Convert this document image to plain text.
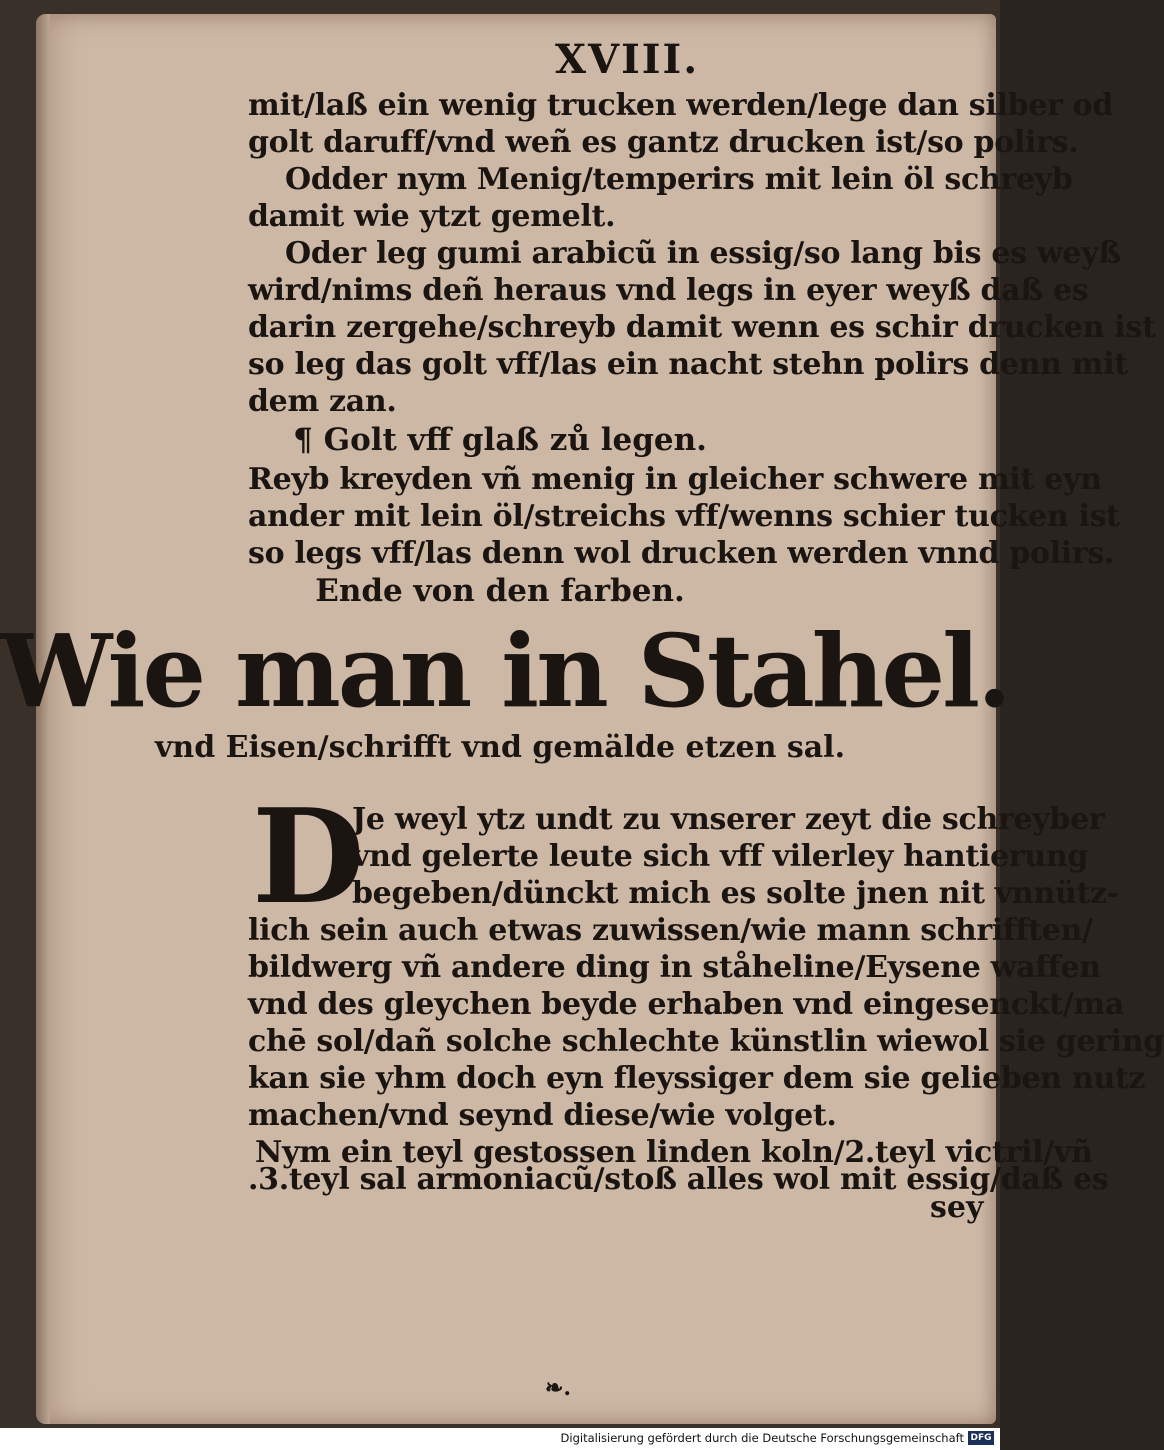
XVIII.
mit/laß ein wenig trucken werden/lege dan silber od
golt daruff/vnd weñ es gantz drucken ist/so polirs.
Odder nym Menig/temperirs mit lein öl schreyb
damit wie ytzt gemelt.
Oder leg gumi arabicũ in essig/so lang bis es weyß
wird/nims deñ heraus vnd legs in eyer weyß daß es
darin zergehe/schreyb damit wenn es schir drucken ist
so leg das golt vff/las ein nacht stehn polirs denn mit
dem zan.
¶ Golt vff glaß zů legen.
Reyb kreyden vñ menig in gleicher schwere mit eyn
ander mit lein öl/streichs vff/wenns schier tucken ist
so legs vff/las denn wol drucken werden vnnd polirs.
Ende von den farben.
Wie man in Stahel.
vnd Eisen/schrifft vnd gemälde etzen sal.
D
Je weyl ytz undt zu vnserer zeyt die schreyber
vnd gelerte leute sich vff vilerley hantierung
begeben/dünckt mich es solte jnen nit vnnütz-
lich sein auch etwas zuwissen/wie mann schrifften/
bildwerg vñ andere ding in ståheline/Eysene waffen
vnd des gleychen beyde erhaben vnd eingesenckt/ma
chē sol/dañ solche schlechte künstlin wiewol sie gering
kan sie yhm doch eyn fleyssiger dem sie gelieben nutz
machen/vnd seynd diese/wie volget.
Nym ein teyl gestossen linden koln/2.teyl victril/vñ
.3.teyl sal armoniacũ/stoß alles wol mit essig/daß es
sey
❧.
Digitalisierung gefördert durch die Deutsche Forschungsgemeinschaft DFG
